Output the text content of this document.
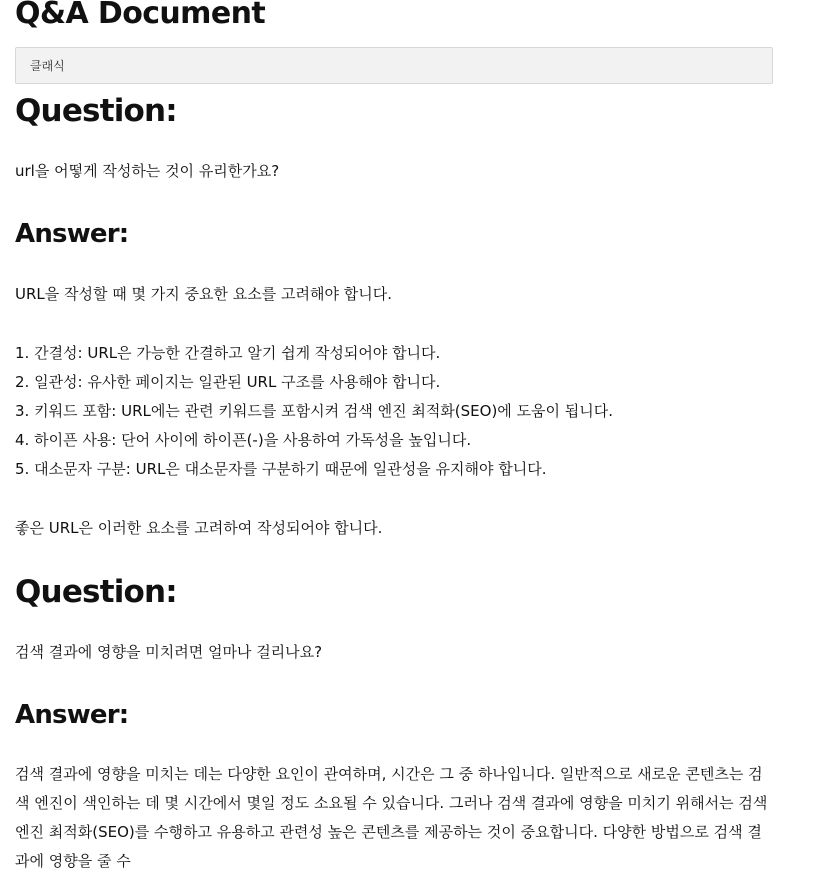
Q&A Document
클래식
Question:

url을 어떻게 작성하는 것이 유리한가요?

Answer:

URL을 작성할 때 몇 가지 중요한 요소를 고려해야 합니다.

1. 간결성: URL은 가능한 간결하고 알기 쉽게 작성되어야 합니다.
2. 일관성: 유사한 페이지는 일관된 URL 구조를 사용해야 합니다.
3. 키워드 포함: URL에는 관련 키워드를 포함시켜 검색 엔진 최적화(SEO)에 도움이 됩니다.
4. 하이픈 사용: 단어 사이에 하이픈(-)을 사용하여 가독성을 높입니다.
5. 대소문자 구분: URL은 대소문자를 구분하기 때문에 일관성을 유지해야 합니다.

좋은 URL은 이러한 요소를 고려하여 작성되어야 합니다.

Question:

검색 결과에 영향을 미치려면 얼마나 걸리나요?

Answer:

검색 결과에 영향을 미치는 데는 다양한 요인이 관여하며, 시간은 그 중 하나입니다. 일반적으로 새로운 콘텐츠는 검색 엔진이 색인하는 데 몇 시간에서 몇일 정도 소요될 수 있습니다. 그러나 검색 결과에 영향을 미치기 위해서는 검색 엔진 최적화(SEO)를 수행하고 유용하고 관련성 높은 콘텐츠를 제공하는 것이 중요합니다. 다양한 방법으로 검색 결과에 영향을 줄 수
